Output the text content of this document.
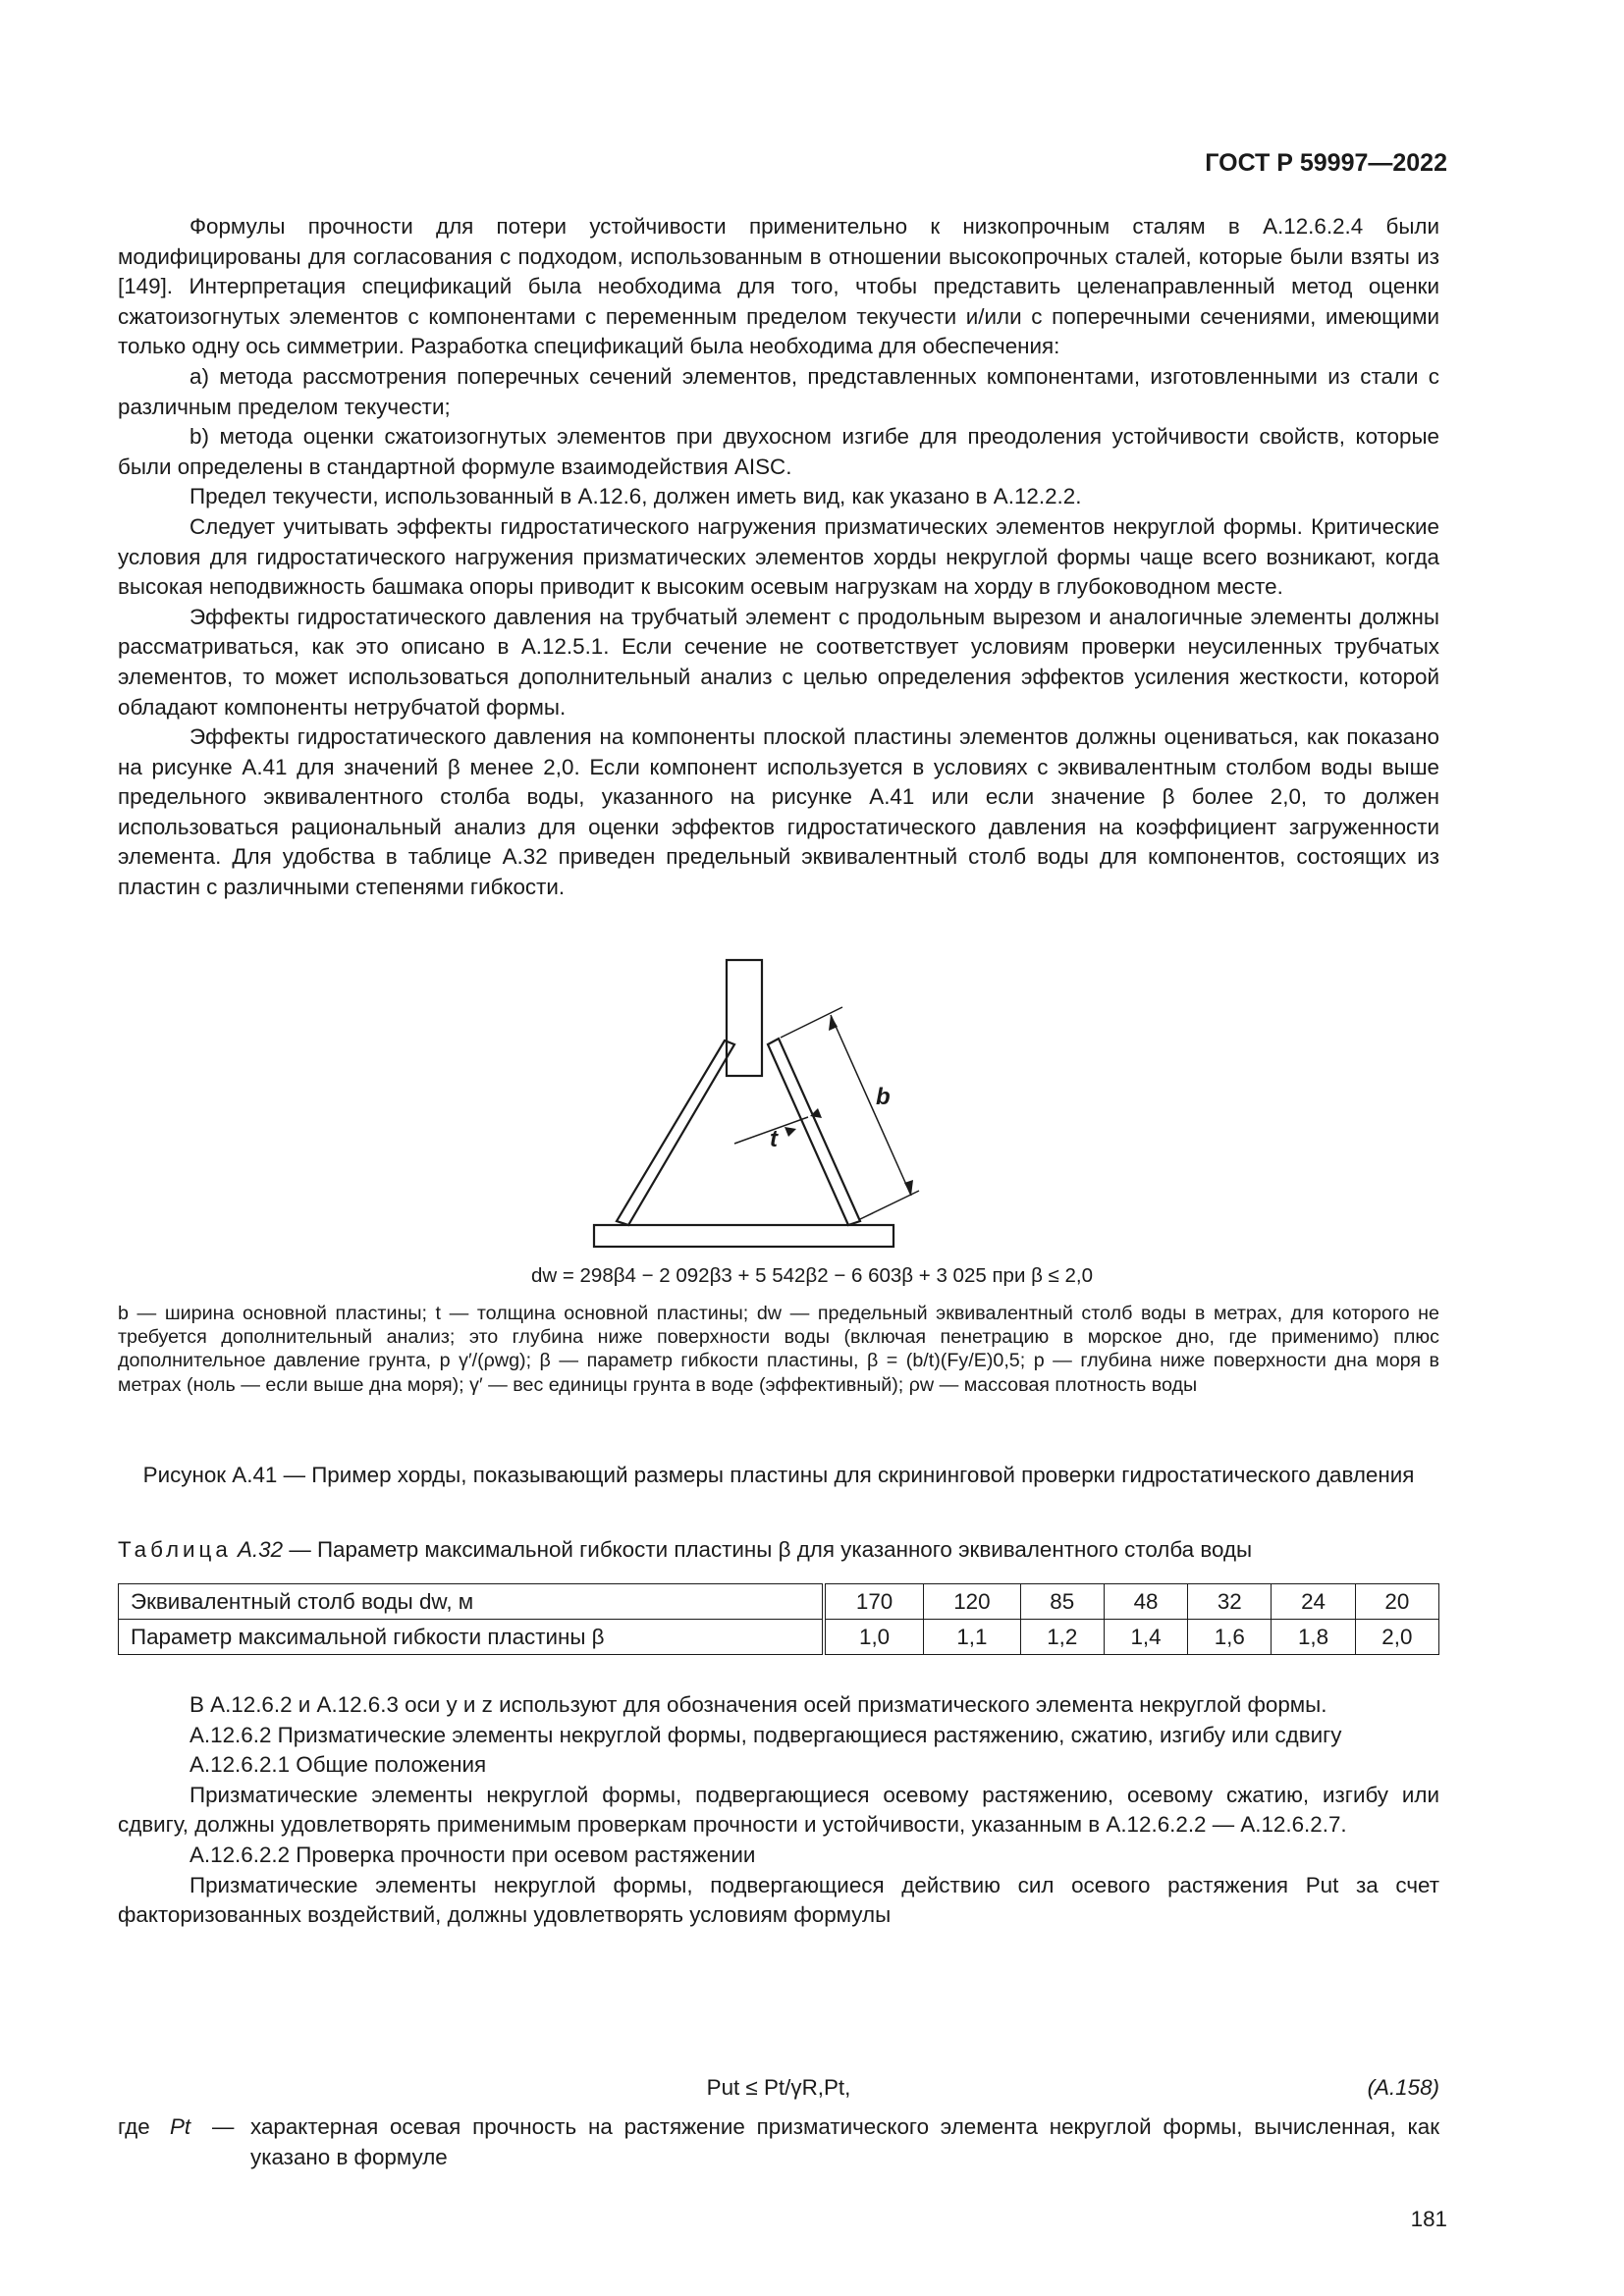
ГОСТ Р 59997—2022

Формулы прочности для потери устойчивости применительно к низкопрочным сталям в А.12.6.2.4 были модифицированы для согласования с подходом, использованным в отношении высокопрочных сталей, которые были взяты из [149]. Интерпретация спецификаций была необходима для того, чтобы представить целенаправленный метод оценки сжатоизогнутых элементов с компонентами с переменным пределом текучести и/или с поперечными сечениями, имеющими только одну ось симметрии. Разработка спецификаций была необходима для обеспечения:

а) метода рассмотрения поперечных сечений элементов, представленных компонентами, изготовленными из стали с различным пределом текучести;

b) метода оценки сжатоизогнутых элементов при двухосном изгибе для преодоления устойчивости свойств, которые были определены в стандартной формуле взаимодействия AISC.

Предел текучести, использованный в А.12.6, должен иметь вид, как указано в А.12.2.2.

Следует учитывать эффекты гидростатического нагружения призматических элементов некруглой формы. Критические условия для гидростатического нагружения призматических элементов хорды некруглой формы чаще всего возникают, когда высокая неподвижность башмака опоры приводит к высоким осевым нагрузкам на хорду в глубоководном месте.

Эффекты гидростатического давления на трубчатый элемент с продольным вырезом и аналогичные элементы должны рассматриваться, как это описано в А.12.5.1. Если сечение не соответствует условиям проверки неусиленных трубчатых элементов, то может использоваться дополнительный анализ с целью определения эффектов усиления жесткости, которой обладают компоненты нетрубчатой формы.

Эффекты гидростатического давления на компоненты плоской пластины элементов должны оцениваться, как показано на рисунке А.41 для значений β менее 2,0. Если компонент используется в условиях с эквивалентным столбом воды выше предельного эквивалентного столба воды, указанного на рисунке А.41 или если значение β более 2,0, то должен использоваться рациональный анализ для оценки эффектов гидростатического давления на коэффициент загруженности элемента. Для удобства в таблице А.32 приведен предельный эквивалентный столб воды для компонентов, состоящих из пластин с различными степенями гибкости.

b
t
dw = 298β4 − 2 092β3 + 5 542β2 − 6 603β + 3 025 при β ≤ 2,0

b — ширина основной пластины; t — толщина основной пластины; dw — предельный эквивалентный столб воды в метрах, для которого не требуется дополнительный анализ; это глубина ниже поверхности воды (включая пенетрацию в морское дно, где применимо) плюс дополнительное давление грунта, p γ′/(ρwg); β — параметр гибкости пластины, β = (b/t)(Fy/E)0,5; p — глубина ниже поверхности дна моря в метрах (ноль — если выше дна моря); γ′ — вес единицы грунта в воде (эффективный); ρw — массовая плотность воды

Рисунок А.41 — Пример хорды, показывающий размеры пластины для скрининговой проверки гидростатического давления
Таблица А.32 — Параметр максимальной гибкости пластины β для указанного эквивалентного столба воды
Эквивалентный столб воды dw, м	170	120	85	48	32	24	20
Параметр максимальной гибкости пластины β	1,0	1,1	1,2	1,4	1,6	1,8	2,0

В А.12.6.2 и А.12.6.3 оси y и z используют для обозначения осей призматического элемента некруглой формы.

А.12.6.2 Призматические элементы некруглой формы, подвергающиеся растяжению, сжатию, изгибу или сдвигу

А.12.6.2.1 Общие положения

Призматические элементы некруглой формы, подвергающиеся осевому растяжению, осевому сжатию, изгибу или сдвигу, должны удовлетворять применимым проверкам прочности и устойчивости, указанным в А.12.6.2.2 — А.12.6.2.7.

А.12.6.2.2 Проверка прочности при осевом растяжении

Призматические элементы некруглой формы, подвергающиеся действию сил осевого растяжения Put за счет факторизованных воздействий, должны удовлетворять условиям формулы

Put ≤ Pt/γR,Pt,	(А.158)
где Pt — характерная осевая прочность на растяжение призматического элемента некруглой формы, вычисленная, как указано в формуле
181
